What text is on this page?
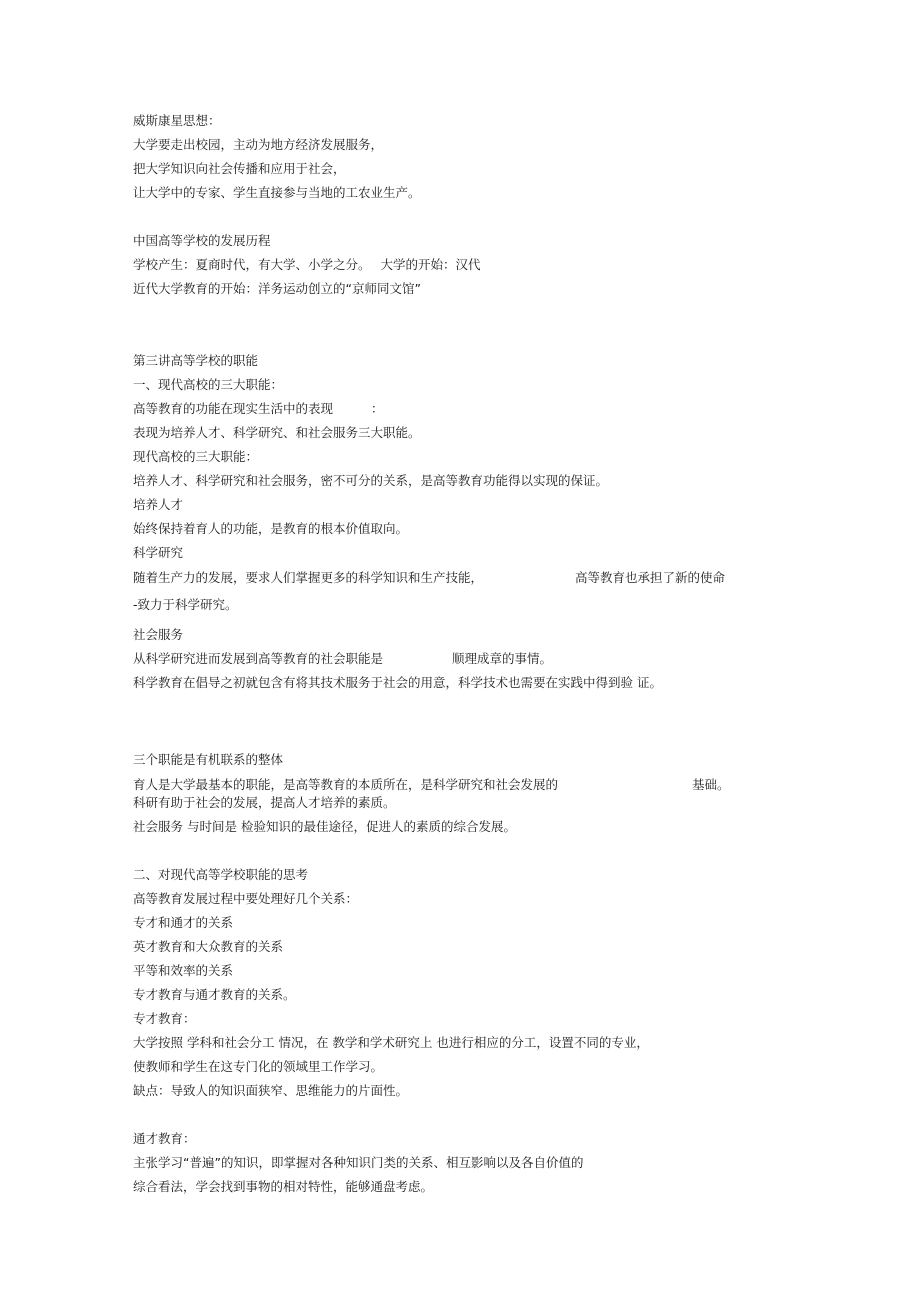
威斯康星思想：

大学要走出校园，主动为地方经济发展服务，

把大学知识向社会传播和应用于社会，

让大学中的专家、学生直接参与当地的工农业生产。

中国高等学校的发展历程

学校产生：夏商时代，有大学、小学之分。 大学的开始：汉代

近代大学教育的开始：洋务运动创立的“京师同文馆”

第三讲高等学校的职能

一、现代高校的三大职能：

高等教育的功能在现实生活中的表现	：

表现为培养人才、科学研究、和社会服务三大职能。

现代高校的三大职能：

培养人才、科学研究和社会服务，密不可分的关系，是高等教育功能得以实现的保证。

培养人才

始终保持着育人的功能，是教育的根本价值取向。

科学研究

随着生产力的发展，要求人们掌握更多的科学知识和生产技能，	高等教育也承担了新的使命

-致力于科学研究。

社会服务

从科学研究进而发展到高等教育的社会职能是	顺理成章的事情。

科学教育在倡导之初就包含有将其技术服务于社会的用意，科学技术也需要在实践中得到验 证。

三个职能是有机联系的整体

育人是大学最基本的职能，是高等教育的本质所在，是科学研究和社会发展的	基础。

科研有助于社会的发展，提高人才培养的素质。

社会服务 与时间是 检验知识的最佳途径，促进人的素质的综合发展。

二、对现代高等学校职能的思考

高等教育发展过程中要处理好几个关系：

专才和通才的关系

英才教育和大众教育的关系

平等和效率的关系

专才教育与通才教育的关系。

专才教育：

大学按照 学科和社会分工 情况，在 教学和学术研究上 也进行相应的分工，设置不同的专业，

使教师和学生在这专门化的领域里工作学习。

缺点：导致人的知识面狭窄、思维能力的片面性。

通才教育：

主张学习“普遍”的知识，即掌握对各种知识门类的关系、相互影响以及各自价值的

综合看法，学会找到事物的相对特性，能够通盘考虑。
